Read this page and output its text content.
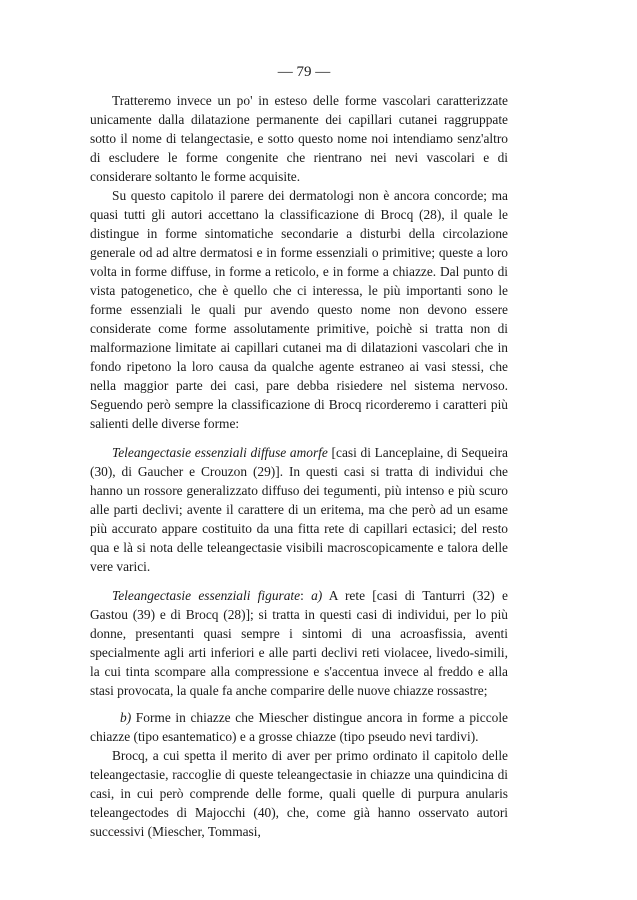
— 79 —

Tratteremo invece un po' in esteso delle forme vascolari caratterizzate unicamente dalla dilatazione permanente dei capillari cutanei raggruppate sotto il nome di telangectasie, e sotto questo nome noi intendiamo senz'altro di escludere le forme congenite che rientrano nei nevi vascolari e di considerare soltanto le forme acquisite.

Su questo capitolo il parere dei dermatologi non è ancora concorde; ma quasi tutti gli autori accettano la classificazione di Brocq (28), il quale le distingue in forme sintomatiche secondarie a disturbi della circolazione generale od ad altre dermatosi e in forme essenziali o primitive; queste a loro volta in forme diffuse, in forme a reticolo, e in forme a chiazze. Dal punto di vista patogenetico, che è quello che ci interessa, le più importanti sono le forme essenziali le quali pur avendo questo nome non devono essere considerate come forme assolutamente primitive, poichè si tratta non di malformazione limitate ai capillari cutanei ma di dilatazioni vascolari che in fondo ripetono la loro causa da qualche agente estraneo ai vasi stessi, che nella maggior parte dei casi, pare debba risiedere nel sistema nervoso. Seguendo però sempre la classificazione di Brocq ricorderemo i caratteri più salienti delle diverse forme:

Teleangectasie essenziali diffuse amorfe [casi di Lanceplaine, di Sequeira (30), di Gaucher e Crouzon (29)]. In questi casi si tratta di individui che hanno un rossore generalizzato diffuso dei tegumenti, più intenso e più scuro alle parti declivi; avente il carattere di un eritema, ma che però ad un esame più accurato appare costituito da una fitta rete di capillari ectasici; del resto qua e là si nota delle teleangectasie visibili macroscopicamente e talora delle vere varici.

Teleangectasie essenziali figurate: a) A rete [casi di Tanturri (32) e Gastou (39) e di Brocq (28)]; si tratta in questi casi di individui, per lo più donne, presentanti quasi sempre i sintomi di una acroasfissia, aventi specialmente agli arti inferiori e alle parti declivi reti violacee, livedo-simili, la cui tinta scompare alla compressione e s'accentua invece al freddo e alla stasi provocata, la quale fa anche comparire delle nuove chiazze rossastre;

b) Forme in chiazze che Miescher distingue ancora in forme a piccole chiazze (tipo esantematico) e a grosse chiazze (tipo pseudo nevi tardivi).

Brocq, a cui spetta il merito di aver per primo ordinato il capitolo delle teleangectasie, raccoglie di queste teleangectasie in chiazze una quindicina di casi, in cui però comprende delle forme, quali quelle di purpura anularis teleangectodes di Majocchi (40), che, come già hanno osservato autori successivi (Miescher, Tommasi,
